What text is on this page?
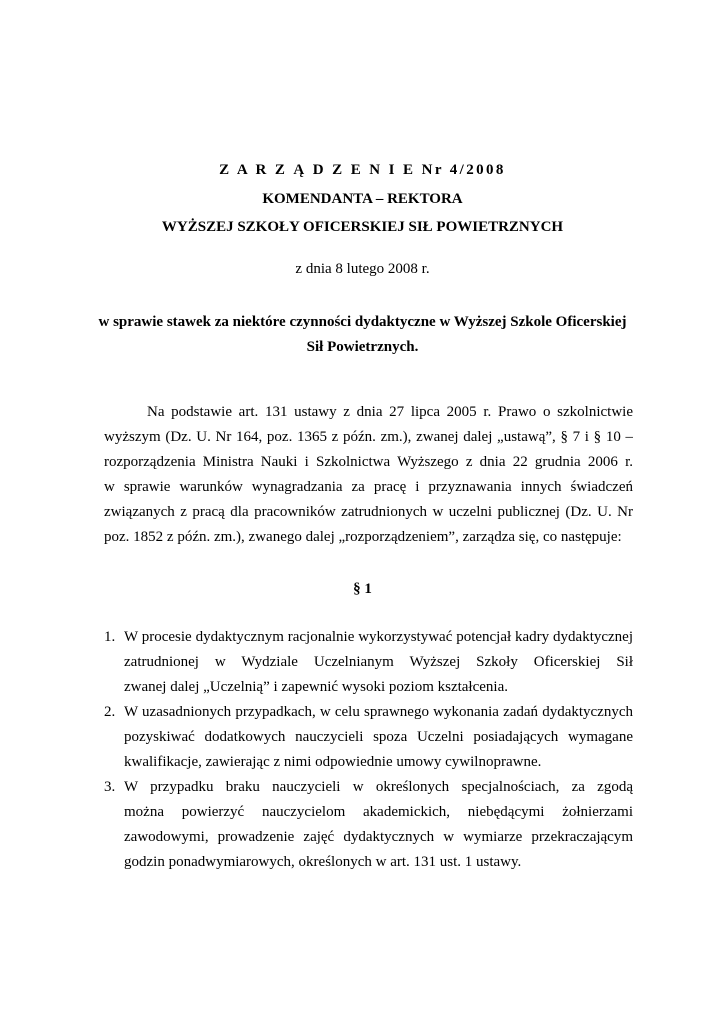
Z A R Z Ą D Z E N I E Nr 4/2008
KOMENDANTA – REKTORA
WYŻSZEJ SZKOŁY OFICERSKIEJ SIŁ POWIETRZNYCH
z dnia 8 lutego 2008 r.
w sprawie stawek za niektóre czynności dydaktyczne w Wyższej Szkole Oficerskiej
Sił Powietrznych.
Na podstawie art. 131 ustawy z dnia 27 lipca 2005 r. Prawo o szkolnictwie
wyższym (Dz. U. Nr 164, poz. 1365 z późn. zm.), zwanej dalej „ustawą”, § 7 i § 10 –
rozporządzenia Ministra Nauki i Szkolnictwa Wyższego z dnia 22 grudnia 2006 r.
w sprawie warunków wynagradzania za pracę i przyznawania innych świadczeń
związanych z pracą dla pracowników zatrudnionych w uczelni publicznej (Dz. U. Nr
poz. 1852 z późn. zm.), zwanego dalej „rozporządzeniem”, zarządza się, co następuje:
§ 1
1. W procesie dydaktycznym racjonalnie wykorzystywać potencjał kadry dydaktycznej
zatrudnionej w Wydziale Uczelnianym Wyższej Szkoły Oficerskiej Sił
zwanej dalej „Uczelnią” i zapewnić wysoki poziom kształcenia.
2. W uzasadnionych przypadkach, w celu sprawnego wykonania zadań dydaktycznych
pozyskiwać dodatkowych nauczycieli spoza Uczelni posiadających wymagane
kwalifikacje, zawierając z nimi odpowiednie umowy cywilnoprawne.
3. W przypadku braku nauczycieli w określonych specjalnościach, za zgodą
można powierzyć nauczycielom akademickich, niebędącymi żołnierzami
zawodowymi, prowadzenie zajęć dydaktycznych w wymiarze przekraczającym
godzin ponadwymiarowych, określonych w art. 131 ust. 1 ustawy.
